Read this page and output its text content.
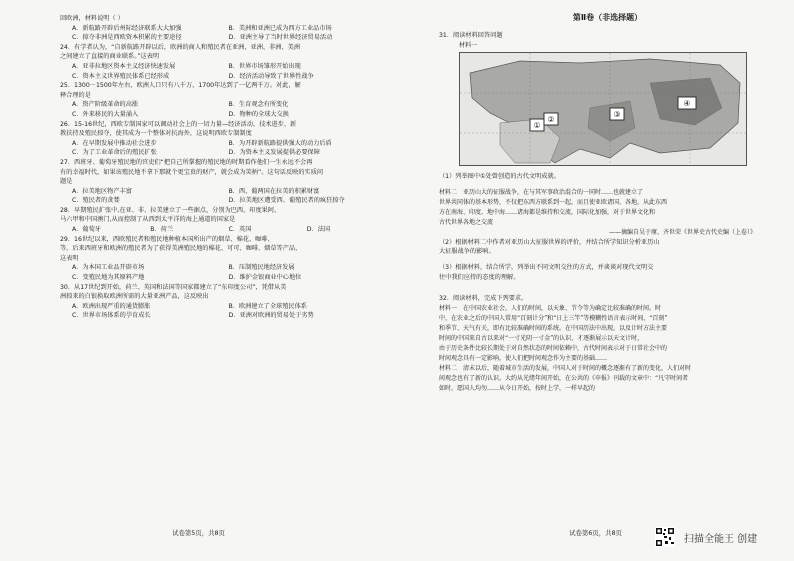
回欧洲，材料说明（ ）
A．新航路开辟后州际经济联系大大加强	B．美洲和亚洲已成为西方工业品市场
C．掠夺非洲是西欧资本积累的主要途径	D．亚洲主导了当时世界经济贸易活动
24．有学者认为，“自新航路开辟以后，欧洲的商人和殖民者在亚洲、亚洲、非洲、美洲
之间建立了直接的商业联系。”这表明
A．亚非拉地区资本主义经济快速发展	B．世界市场雏形开始出现
C．资本主义世界殖民体系已经形成	D．经济活动导致了世界性战争
25．1300－1500年左右，欧洲人口只有八千万，1700年达到了一亿两千万。对此，解
释合理的是
A．资产阶级革命的高涨	B．生育观念有所变化
C．外来移民的大量涌入	D．物种的全球大交换
26．15-16世纪，西欧专制国家可以调动社会上的一切力量—经济活动、技术进步、新
教扶持及殖民掠夺，使其成为一个整体对抗海外，这说明西欧专制制度
A．在早期发展中推动社会进步	B．为开辟新航路提供强大的动力后盾
C．为了工业革命后的殖民扩张	D．为资本主义发展提供必要保障
27．西班牙、葡萄牙殖民地的官吏们“把自己所掌握的殖民地的时期看作他们一生永远不会再
有的幸福时代，如果该殖民地不拿下那就个更宝贵的财产，就会成为笑柄”。这句话反映的实质问
题是
A．拉美地区物产丰富	B．西、葡两国在拉美的积累财富
C．殖民者的贪婪	D．拉美地区遭受西、葡殖民者的疯狂掠夺
28．早期殖民扩张中,在亚、非、拉美建立了一些据点，分别为巴西、印度果阿、
马六甲和中国澳门,从而控制了从西到太平洋的海上通道的国家是
A．葡萄牙	B．荷兰	C．英国	D．法国
29．16世纪以来，西欧殖民者和殖民地种植本国所出产的烟草、棉花、咖啡、
等，后来西班牙和欧洲的殖民者为了获得美洲殖民地的棉花、可可、咖啡、烟草等产品，
这表明
A．为本国工业品开辟市场	B．压制殖民地经济发展
C．变殖民地为其原料产地	D．维护金银商业中心地位
30．从17世纪到开始，荷兰、英国和法国等国家都建立了“东印度公司”，凭借从美
洲掠来的白银换取欧洲所需的大量亚洲产品，这反映出
A．欧洲出现严重的通货膨胀	B．欧洲建立了全球殖民体系
C．世界市场体系的孕育成长	D．亚洲对欧洲的贸易处于劣势
试卷第5页，共8页
第Ⅱ卷（非选择题）
31．阅读材料回答问题
材料一
①
②
③
④
（1）列举图中①处曾创造的古代文明成就。
材料二　亚历山大的征服战争，在与其军事政治混合的一同时……也就建立了
世界共同体的基本形势，不仅把东西方联系到一起，而且使亚欧诸国、各地，从此东西
方在南海、印度、地中海……诸海都是维持和交流，国际化加强，对于世界文化和
古代世界各地之交流
——摘编自吴于廑、齐世荣《世界史古代史编（上卷）》
（2）根据材料二中作者对亚历山大征服世界的评价，并结合所学知识分析亚历山
大征服战争的影响。
（3）根据材料，结合所学，列举出不同文明交往的方式，并谈谈对现代文明交
往中我们应持的态度的理解。
32．阅读材料，完成下列要求。
材料一　在中国农业社会，人们的时间，以天象、节令等为确定比较准确的时间。时
中，在农业之后的中国人常用“百刻计分”和“日上三竿”等模糊性语言表示时间，“百刻”
和季节、天气有关，即有比较准确时间的系统。在中国历法中出现，以及计时方法主要
时间的中国来自古以来对“一寸光阴一寸金”的认识，才逐渐展示以天文计时，
由于历史条件比较长期处于对自然状态的时间依赖中，古代时间表示对于日常社会中的
时间观念具有一定影响，使人们把时间观念作为主要的基础……
材料二　清末以后，随着城市生活的发展，中国人对于时间的概念逐渐有了新的变化，人们对时
间观念也有了新的认识。大约从光绪年间开始，在公共的《申报》刊载的文章中：“凡守时间者
如时，愿国人均勿……从今日开始，按时上学，一样早起的
试卷第6页，共8页
扫描全能王 创建
